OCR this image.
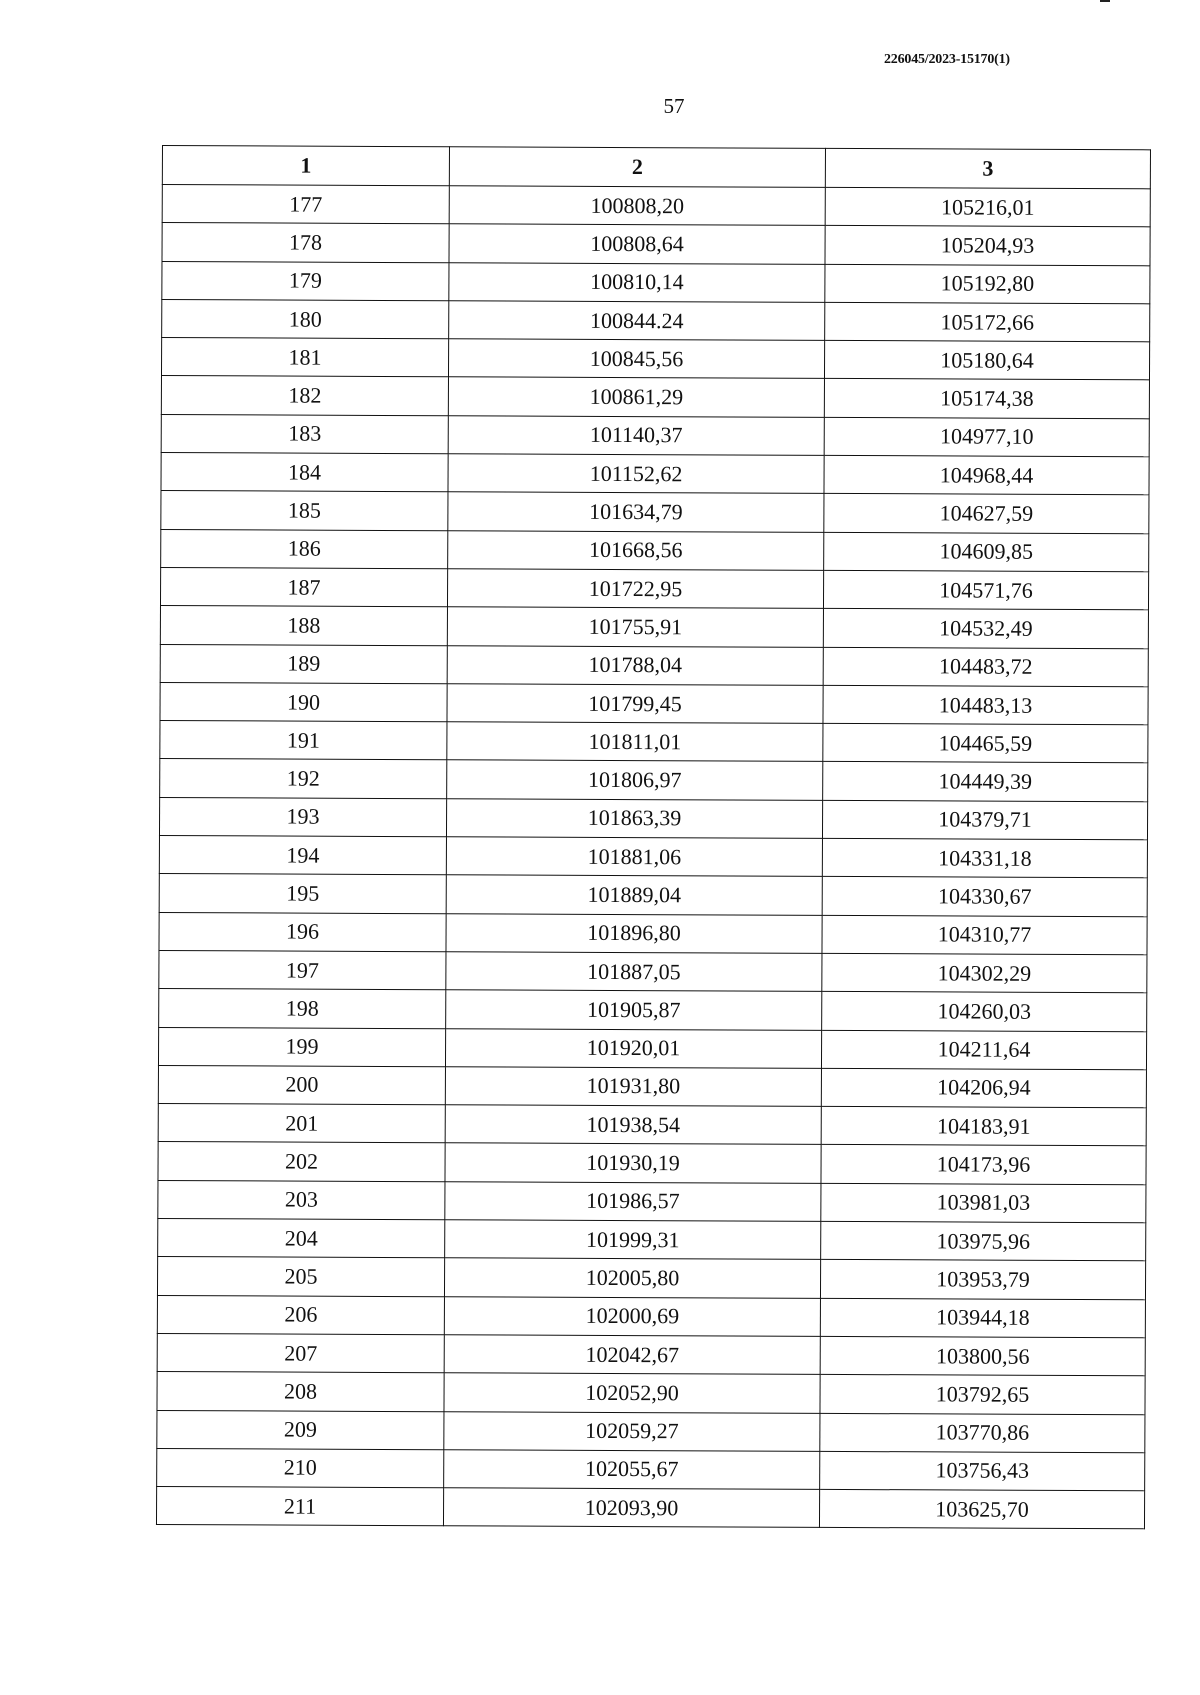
226045/2023-15170(1)
57
1	2	3
177	100808,20	105216,01
178	100808,64	105204,93
179	100810,14	105192,80
180	100844.24	105172,66
181	100845,56	105180,64
182	100861,29	105174,38
183	101140,37	104977,10
184	101152,62	104968,44
185	101634,79	104627,59
186	101668,56	104609,85
187	101722,95	104571,76
188	101755,91	104532,49
189	101788,04	104483,72
190	101799,45	104483,13
191	101811,01	104465,59
192	101806,97	104449,39
193	101863,39	104379,71
194	101881,06	104331,18
195	101889,04	104330,67
196	101896,80	104310,77
197	101887,05	104302,29
198	101905,87	104260,03
199	101920,01	104211,64
200	101931,80	104206,94
201	101938,54	104183,91
202	101930,19	104173,96
203	101986,57	103981,03
204	101999,31	103975,96
205	102005,80	103953,79
206	102000,69	103944,18
207	102042,67	103800,56
208	102052,90	103792,65
209	102059,27	103770,86
210	102055,67	103756,43
211	102093,90	103625,70
